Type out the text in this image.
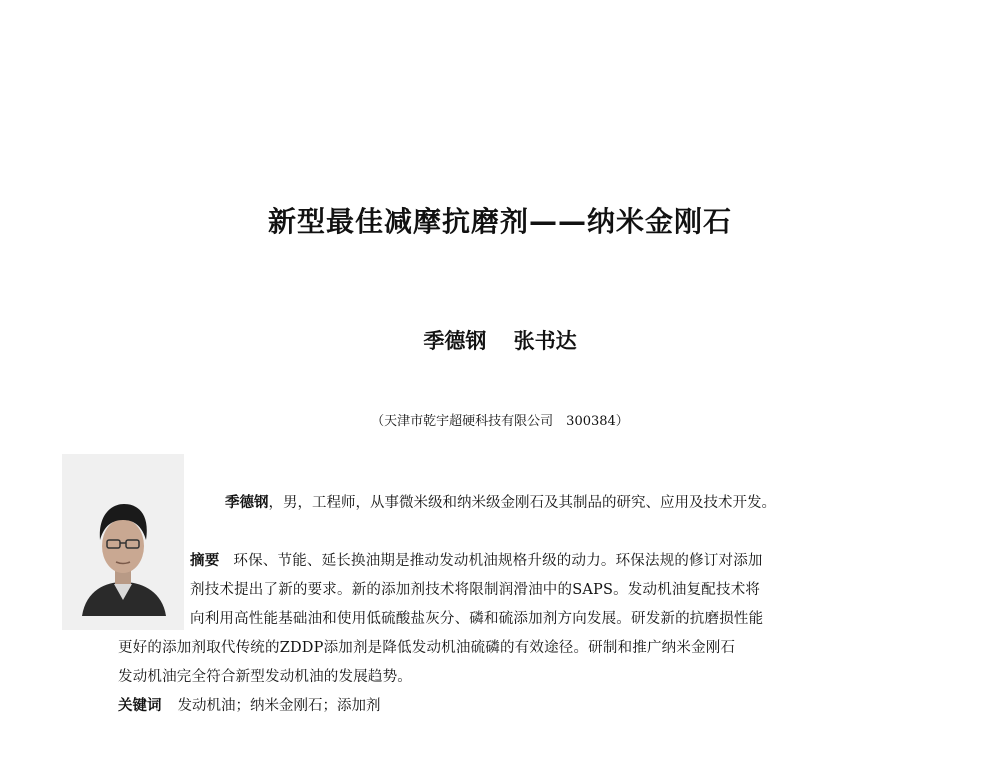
新型最佳减摩抗磨剂——纳米金刚石
季德钢 张书达
（天津市乾宇超硬科技有限公司　300384）
季德钢，男，工程师，从事微米级和纳米级金刚石及其制品的研究、应用及技术开发。
摘要 环保、节能、延长换油期是推动发动机油规格升级的动力。环保法规的修订对添加
剂技术提出了新的要求。新的添加剂技术将限制润滑油中的SAPS。发动机油复配技术将
向利用高性能基础油和使用低硫酸盐灰分、磷和硫添加剂方向发展。研发新的抗磨损性能
更好的添加剂取代传统的ZDDP添加剂是降低发动机油硫磷的有效途径。研制和推广纳米金刚石
发动机油完全符合新型发动机油的发展趋势。
关键词 发动机油；纳米金刚石；添加剂
